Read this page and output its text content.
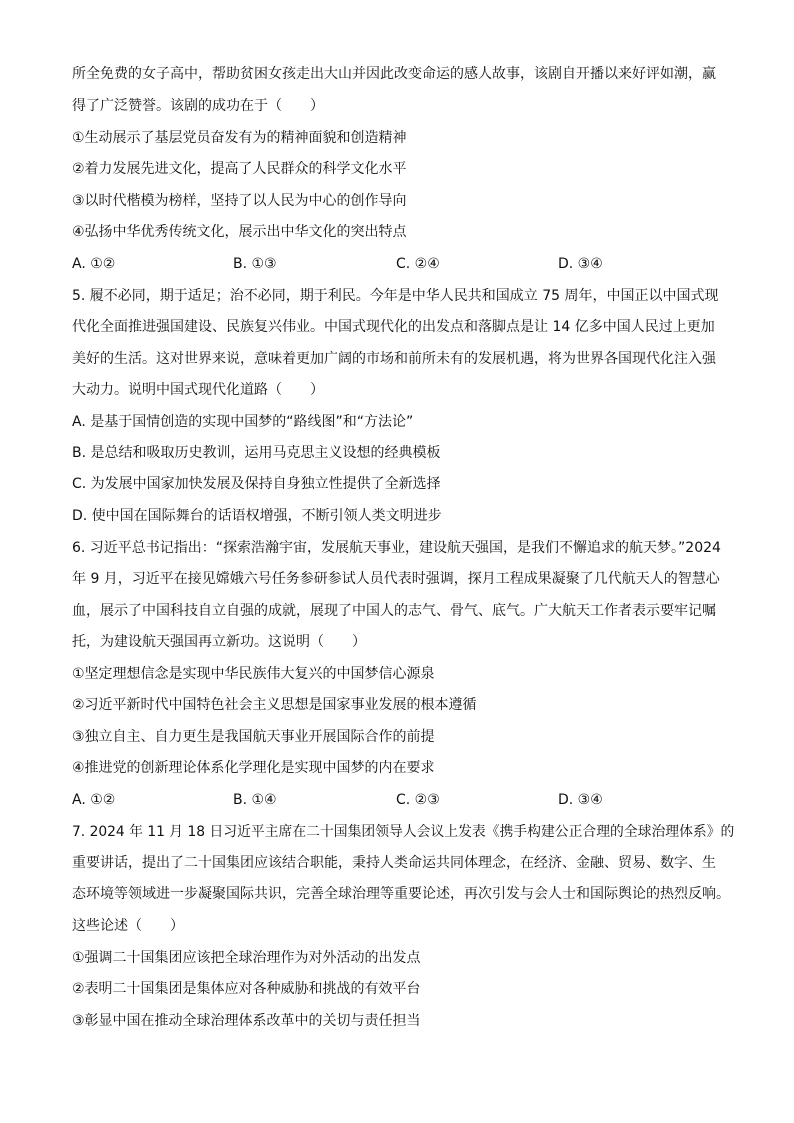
所全免费的女子高中，帮助贫困女孩走出大山并因此改变命运的感人故事，该剧自开播以来好评如潮，赢
得了广泛赞誉。该剧的成功在于（　　）
①生动展示了基层党员奋发有为的精神面貌和创造精神
②着力发展先进文化，提高了人民群众的科学文化水平
③以时代楷模为榜样，坚持了以人民为中心的创作导向
④弘扬中华优秀传统文化，展示出中华文化的突出特点
A. ①②	B. ①③	C. ②④	D. ③④
5. 履不必同，期于适足；治不必同，期于利民。今年是中华人民共和国成立 75 周年，中国正以中国式现
代化全面推进强国建设、民族复兴伟业。中国式现代化的出发点和落脚点是让 14 亿多中国人民过上更加
美好的生活。这对世界来说，意味着更加广阔的市场和前所未有的发展机遇，将为世界各国现代化注入强
大动力。说明中国式现代化道路（　　）
A. 是基于国情创造的实现中国梦的“路线图”和“方法论”
B. 是总结和吸取历史教训，运用马克思主义设想的经典模板
C. 为发展中国家加快发展及保持自身独立性提供了全新选择
D. 使中国在国际舞台的话语权增强，不断引领人类文明进步
6. 习近平总书记指出：“探索浩瀚宇宙，发展航天事业，建设航天强国，是我们不懈追求的航天梦。”2024
年 9 月，习近平在接见嫦娥六号任务参研参试人员代表时强调，探月工程成果凝聚了几代航天人的智慧心
血，展示了中国科技自立自强的成就，展现了中国人的志气、骨气、底气。广大航天工作者表示要牢记嘱
托，为建设航天强国再立新功。这说明（　　）
①坚定理想信念是实现中华民族伟大复兴的中国梦信心源泉
②习近平新时代中国特色社会主义思想是国家事业发展的根本遵循
③独立自主、自力更生是我国航天事业开展国际合作的前提
④推进党的创新理论体系化学理化是实现中国梦的内在要求
A. ①②	B. ①④	C. ②③	D. ③④
7. 2024 年 11 月 18 日习近平主席在二十国集团领导人会议上发表《携手构建公正合理的全球治理体系》的
重要讲话，提出了二十国集团应该结合职能，秉持人类命运共同体理念，在经济、金融、贸易、数字、生
态环境等领域进一步凝聚国际共识，完善全球治理等重要论述，再次引发与会人士和国际舆论的热烈反响。
这些论述（　　）
①强调二十国集团应该把全球治理作为对外活动的出发点
②表明二十国集团是集体应对各种威胁和挑战的有效平台
③彰显中国在推动全球治理体系改革中的关切与责任担当
